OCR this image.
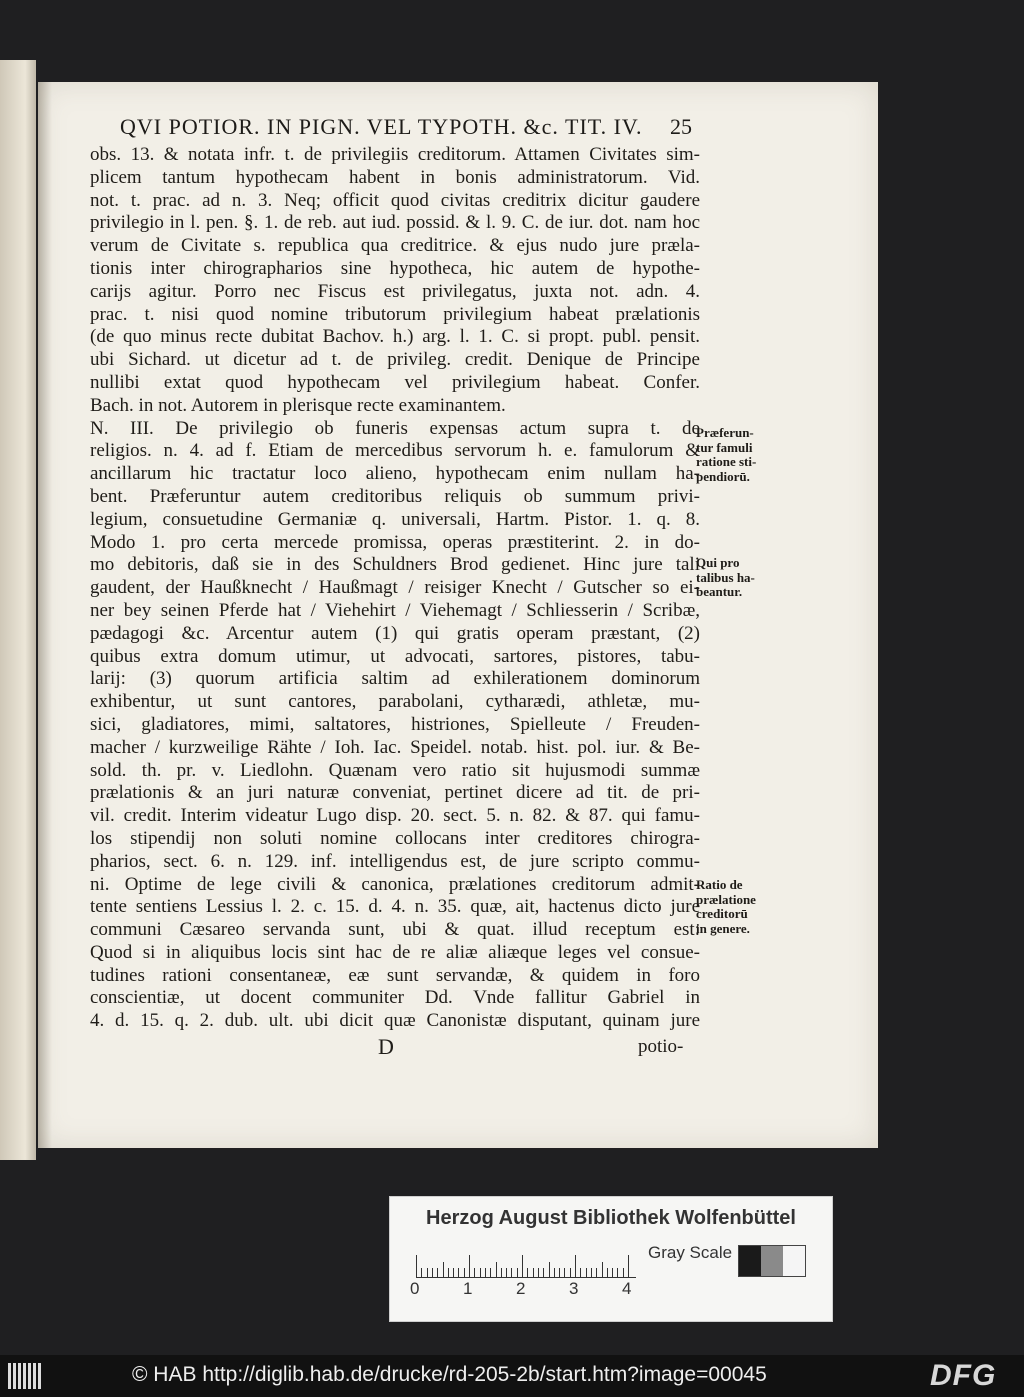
QVI POTIOR. IN PIGN. VEL TYPOTH. &c. TIT. IV.	25
obs. 13. & notata infr. t. de privilegiis creditorum. Attamen Civitates sim-
plicem tantum hypothecam habent in bonis administratorum. Vid.
not. t. prac. ad n. 3. Neq; officit quod civitas creditrix dicitur gaudere
privilegio in l. pen. §. 1. de reb. aut iud. possid. & l. 9. C. de iur. dot. nam hoc
verum de Civitate s. republica qua creditrice. & ejus nudo jure præla-
tionis inter chirographarios sine hypotheca, hic autem de hypothe-
carijs agitur. Porro nec Fiscus est privilegatus, juxta not. adn. 4.
prac. t. nisi quod nomine tributorum privilegium habeat prælationis
(de quo minus recte dubitat Bachov. h.) arg. l. 1. C. si propt. publ. pensit.
ubi Sichard. ut dicetur ad t. de privileg. credit. Denique de Principe
nullibi extat quod hypothecam vel privilegium habeat. Confer.
Bach. in not. Autorem in plerisque recte examinantem.
N. III. De privilegio ob funeris expensas actum supra t. de
religios. n. 4. ad f. Etiam de mercedibus servorum h. e. famulorum &
ancillarum hic tractatur loco alieno, hypothecam enim nullam ha-
bent. Præferuntur autem creditoribus reliquis ob summum privi-
legium, consuetudine Germaniæ q. universali, Hartm. Pistor. 1. q. 8.
Modo 1. pro certa mercede promissa, operas præstiterint. 2. in do-
mo debitoris, daß sie in des Schuldners Brod gedienet. Hinc jure tali
gaudent, der Haußknecht / Haußmagt / reisiger Knecht / Gutscher so ei-
ner bey seinen Pferde hat / Viehehirt / Viehemagt / Schliesserin / Scribæ,
pædagogi &c. Arcentur autem (1) qui gratis operam præstant, (2)
quibus extra domum utimur, ut advocati, sartores, pistores, tabu-
larij: (3) quorum artificia saltim ad exhilerationem dominorum
exhibentur, ut sunt cantores, parabolani, cytharædi, athletæ, mu-
sici, gladiatores, mimi, saltatores, histriones, Spielleute / Freuden-
macher / kurzweilige Rähte / Ioh. Iac. Speidel. notab. hist. pol. iur. & Be-
sold. th. pr. v. Liedlohn. Quænam vero ratio sit hujusmodi summæ
prælationis & an juri naturæ conveniat, pertinet dicere ad tit. de pri-
vil. credit. Interim videatur Lugo disp. 20. sect. 5. n. 82. & 87. qui famu-
los stipendij non soluti nomine collocans inter creditores chirogra-
pharios, sect. 6. n. 129. inf. intelligendus est, de jure scripto commu-
ni. Optime de lege civili & canonica, prælationes creditorum admit-
tente sentiens Lessius l. 2. c. 15. d. 4. n. 35. quæ, ait, hactenus dicto jure
communi Cæsareo servanda sunt, ubi & quat. illud receptum est:
Quod si in aliquibus locis sint hac de re aliæ aliæque leges vel consue-
tudines rationi consentaneæ, eæ sunt servandæ, & quidem in foro
conscientiæ, ut docent communiter Dd. Vnde fallitur Gabriel in
4. d. 15. q. 2. dub. ult. ubi dicit quæ Canonistæ disputant, quinam jure
Præferun-
tur famuli
ratione sti-
pendiorū.
Qui pro
talibus ha-
beantur.
Ratio de
prælatione
creditorū
in genere.
D	potio-
Herzog August Bibliothek Wolfenbüttel
0	1	2	3	4
Gray Scale
© HAB http://diglib.hab.de/drucke/rd-205-2b/start.htm?image=00045	DFG
